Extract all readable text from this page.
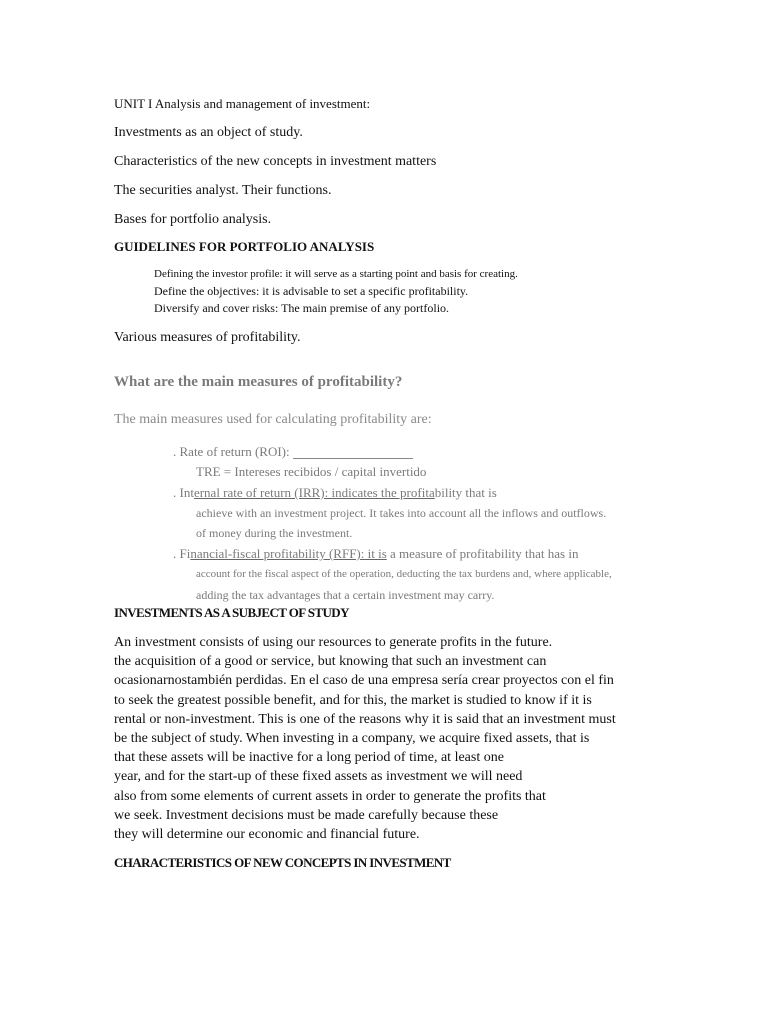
UNIT I Analysis and management of investment:
Investments as an object of study.
Characteristics of the new concepts in investment matters
The securities analyst. Their functions.
Bases for portfolio analysis.
GUIDELINES FOR PORTFOLIO ANALYSIS
Defining the investor profile: it will serve as a starting point and basis for creating.
Define the objectives: it is advisable to set a specific profitability.
Diversify and cover risks: The main premise of any portfolio.
Various measures of profitability.
What are the main measures of profitability?
The main measures used for calculating profitability are:
. Rate of return (ROI):
TRE = Intereses recibidos / capital invertido
. Internal rate of return (IRR): indicates the profitability that is
achieve with an investment project. It takes into account all the inflows and outflows.
of money during the investment.
. Financial-fiscal profitability (RFF): it is a measure of profitability that has in
account for the fiscal aspect of the operation, deducting the tax burdens and, where applicable,
adding the tax advantages that a certain investment may carry.
INVESTMENTS AS A SUBJECT OF STUDY
An investment consists of using our resources to generate profits in the future.
the acquisition of a good or service, but knowing that such an investment can
ocasionarnostambién perdidas. En el caso de una empresa sería crear proyectos con el fin
to seek the greatest possible benefit, and for this, the market is studied to know if it is
rental or non-investment. This is one of the reasons why it is said that an investment must
be the subject of study. When investing in a company, we acquire fixed assets, that is
that these assets will be inactive for a long period of time, at least one
year, and for the start-up of these fixed assets as investment we will need
also from some elements of current assets in order to generate the profits that
we seek. Investment decisions must be made carefully because these
they will determine our economic and financial future.
CHARACTERISTICS OF NEW CONCEPTS IN INVESTMENT
